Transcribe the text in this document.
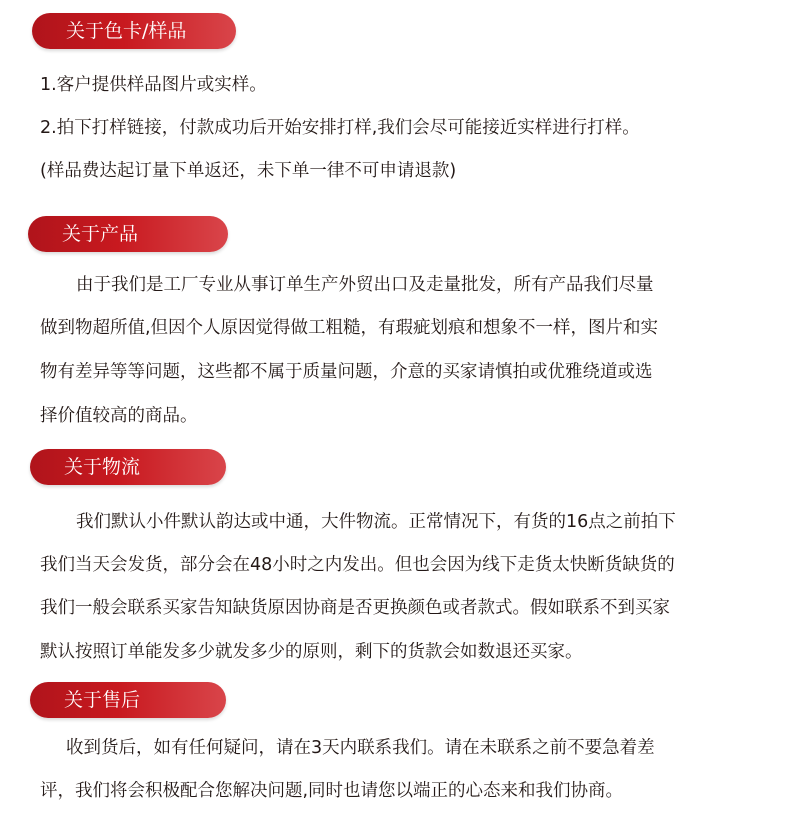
关于色卡/样品
1.客户提供样品图片或实样。
2.拍下打样链接，付款成功后开始安排打样,我们会尽可能接近实样进行打样。
(样品费达起订量下单返还，未下单一律不可申请退款)
关于产品
由于我们是工厂专业从事订单生产外贸出口及走量批发，所有产品我们尽量
做到物超所值,但因个人原因觉得做工粗糙，有瑕疵划痕和想象不一样，图片和实
物有差异等等问题，这些都不属于质量问题，介意的买家请慎拍或优雅绕道或选
择价值较高的商品。
关于物流
我们默认小件默认韵达或中通，大件物流。正常情况下，有货的16点之前拍下
我们当天会发货，部分会在48小时之内发出。但也会因为线下走货太快断货缺货的
我们一般会联系买家告知缺货原因协商是否更换颜色或者款式。假如联系不到买家
默认按照订单能发多少就发多少的原则，剩下的货款会如数退还买家。
关于售后
收到货后，如有任何疑问，请在3天内联系我们。请在未联系之前不要急着差
评，我们将会积极配合您解决问题,同时也请您以端正的心态来和我们协商。
